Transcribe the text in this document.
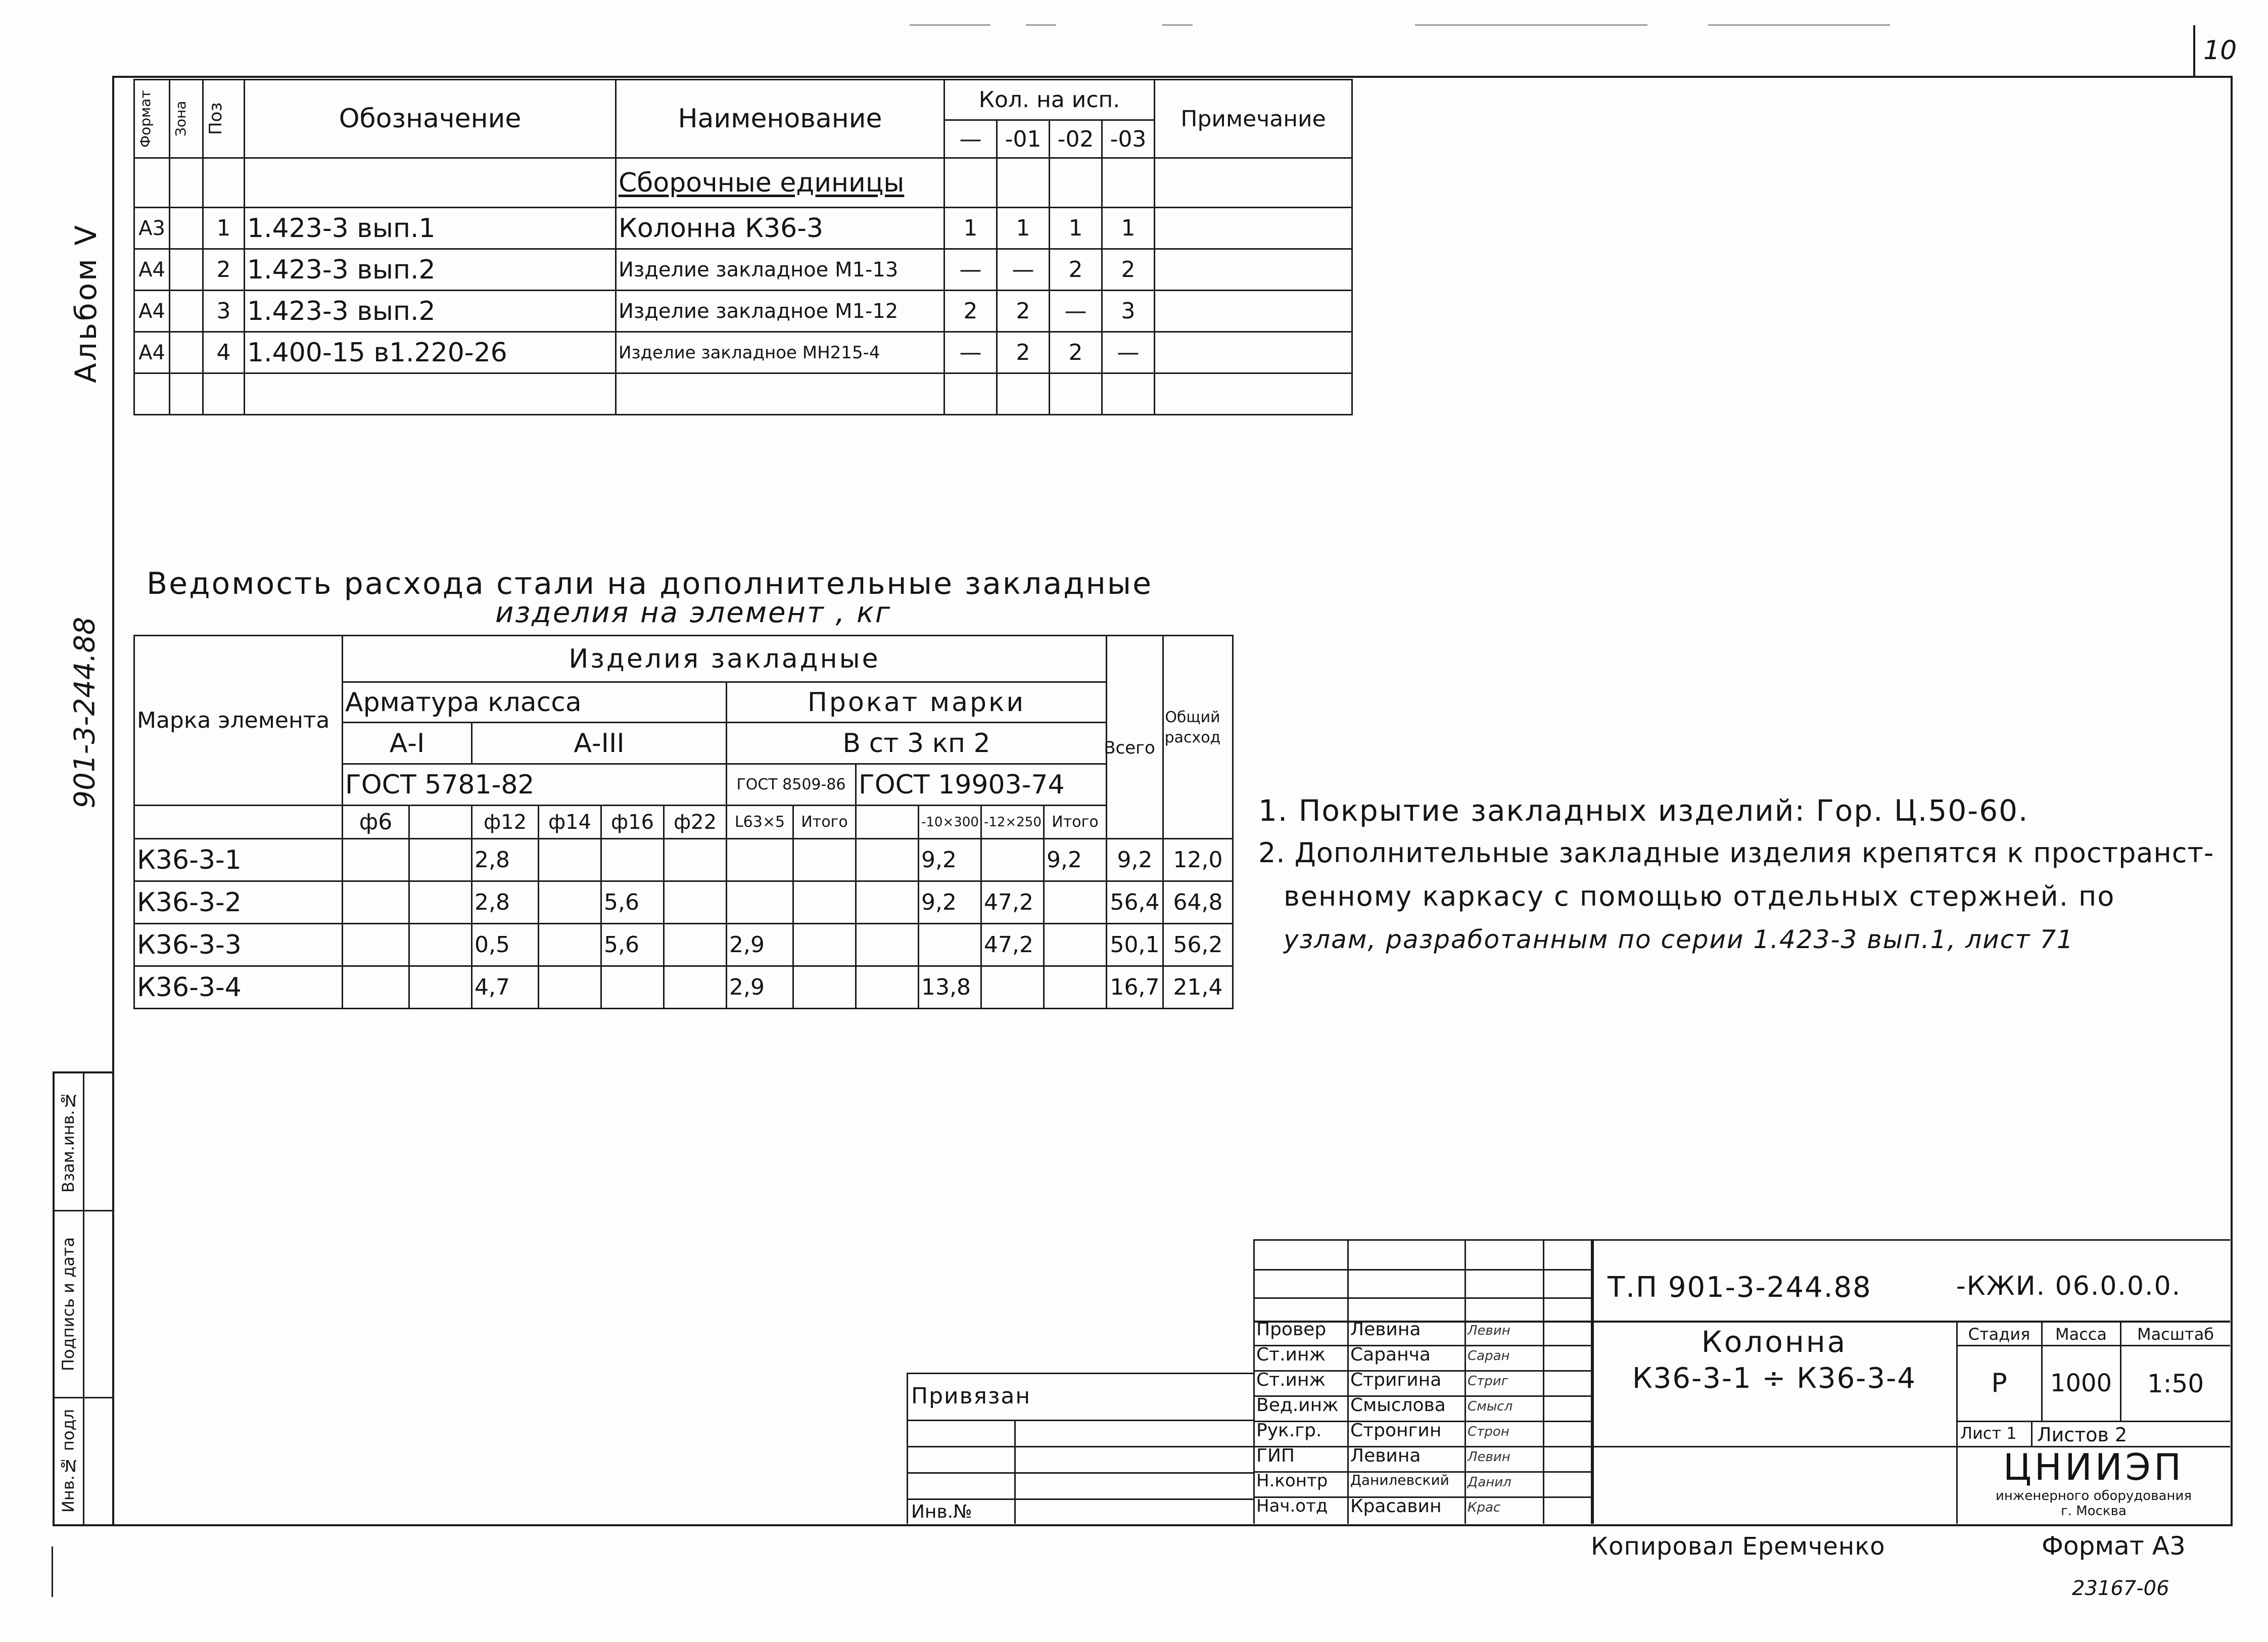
10
Альбом V
901-3-244.88
Взам.инв.№
Подпись и дата
Инв.№ подл
Формат	Зона	Поз	Обозначение	Наименование	Кол. на исп.				Примечание
					—	-01	-02	-03	
				Сборочные единицы					
A3		1	1.423-3 вып.1	Колонна К36-3	1	1	1	1	
A4		2	1.423-3 вып.2	Изделие закладное М1-13	—	—	2	2	
A4		3	1.423-3 вып.2	Изделие закладное М1-12	2	2	—	3	
A4		4	1.400-15 в1.220-26	Изделие закладное МН215-4	—	2	2	—	

Ведомость расхода стали на дополнительные закладные
изделия на элемент , кг
Марка элемента	Изделия закладные													
	Арматура класса						Прокат марки							
	А-I		А-III				В ст 3 кп 2							
	ГОСТ 5781-82						ГОСТ 8509-86		ГОСТ 19903-74					
	ф6		ф12	ф14	ф16	ф22	L63×5	Итого		-10×300	-12×250	Итого		
К36-3-1			2,8							9,2		9,2	9,2	12,0
К36-3-2			2,8		5,6					9,2	47,2		56,4	64,8
К36-3-3			0,5		5,6		2,9				47,2		50,1	56,2
К36-3-4			4,7				2,9			13,8			16,7	21,4
Всего
Общий расход
1. Покрытие закладных изделий: Гор. Ц.50-60.
2. Дополнительные закладные изделия крепятся к пространст-
венному каркасу с помощью отдельных стержней. по
узлам, разработанным по серии 1.423-3 вып.1, лист 71
Провер Левина	Левин
Ст.инж Саранча	Саран
Ст.инж Стригина Стриг
Вед.инж Смыслова Смысл
Рук.гр. Стронгин Строн
ГИП	Левина	Левин
Н.контр Данилевский Данил
Нач.отд Красавин Крас
Привязан
Инв.№
Т.П 901-3-244.88	-КЖИ. 06.0.0.0.
Колонна
К36-3-1 ÷ К36-3-4
Стадия	Масса	Масштаб
Р	1000	1:50
Лист 1 Листов 2
ЦНИИЭП
инженерного оборудования
г. Москва
Копировал Еремченко	Формат А3
23167-06
